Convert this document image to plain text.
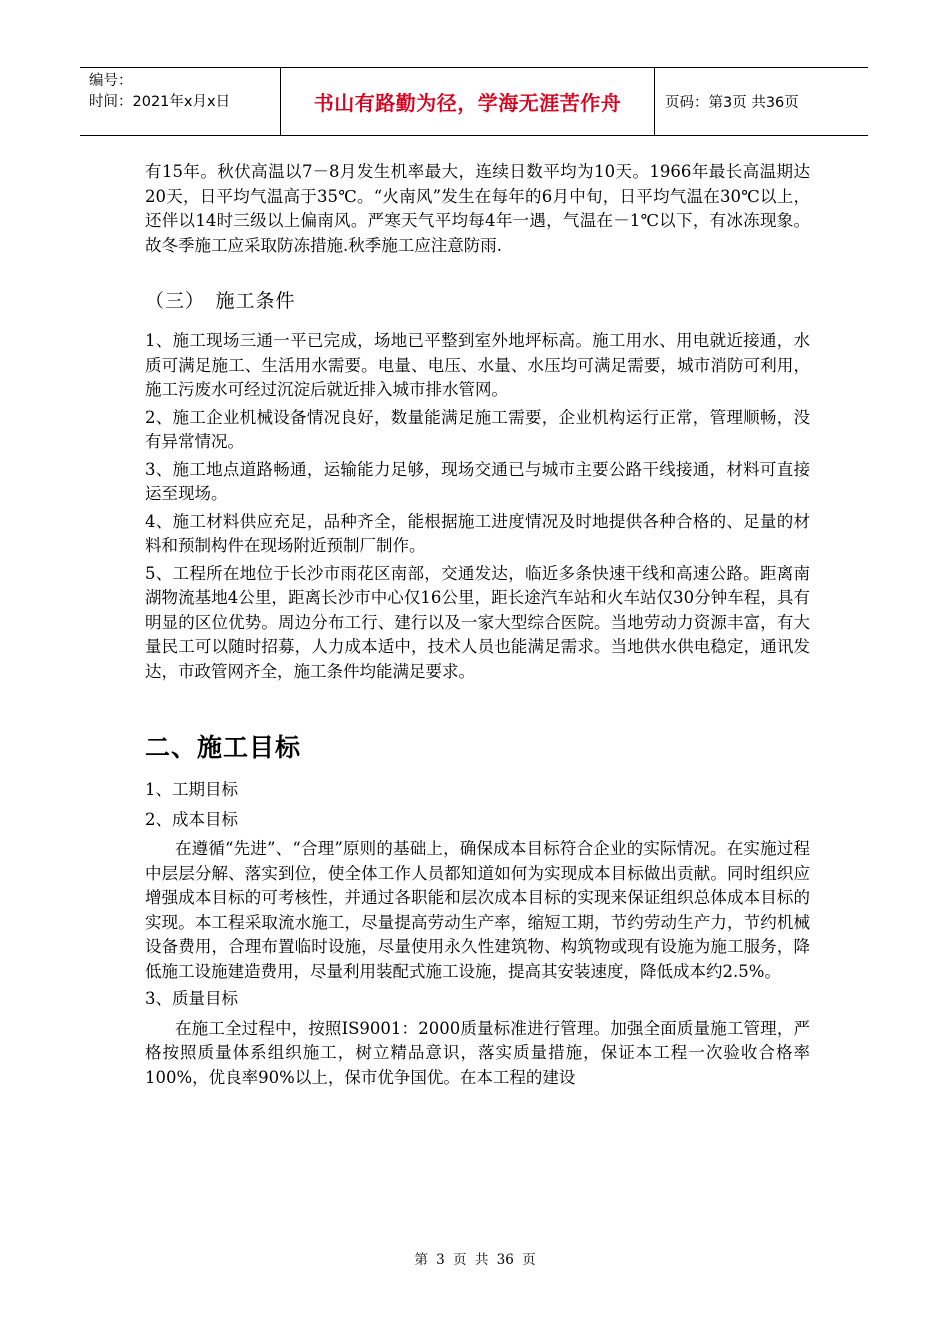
编号：
时间：2021年x月x日	书山有路勤为径，学海无涯苦作舟	页码：第3页 共36页

有15年。秋伏高温以7－8月发生机率最大，连续日数平均为10天。1966年最长高温期达20天，日平均气温高于35℃。“火南风”发生在每年的6月中旬，日平均气温在30℃以上，还伴以14时三级以上偏南风。严寒天气平均每4年一遇，气温在－1℃以下，有冰冻现象。故冬季施工应采取防冻措施.秋季施工应注意防雨.

（三）　施工条件

1、施工现场三通一平已完成，场地已平整到室外地坪标高。施工用水、用电就近接通，水质可满足施工、生活用水需要。电量、电压、水量、水压均可满足需要，城市消防可利用，施工污废水可经过沉淀后就近排入城市排水管网。

2、施工企业机械设备情况良好，数量能满足施工需要，企业机构运行正常，管理顺畅，没有异常情况。

3、施工地点道路畅通，运输能力足够，现场交通已与城市主要公路干线接通，材料可直接运至现场。

4、施工材料供应充足，品种齐全，能根据施工进度情况及时地提供各种合格的、足量的材料和预制构件在现场附近预制厂制作。

5、工程所在地位于长沙市雨花区南部，交通发达，临近多条快速干线和高速公路。距离南湖物流基地4公里，距离长沙市中心仅16公里，距长途汽车站和火车站仅30分钟车程，具有明显的区位优势。周边分布工行、建行以及一家大型综合医院。当地劳动力资源丰富，有大量民工可以随时招募，人力成本适中，技术人员也能满足需求。当地供水供电稳定，通讯发达，市政管网齐全，施工条件均能满足要求。

二、施工目标
1、工期目标
2、成本目标

在遵循“先进”、“合理”原则的基础上，确保成本目标符合企业的实际情况。在实施过程中层层分解、落实到位，使全体工作人员都知道如何为实现成本目标做出贡献。同时组织应增强成本目标的可考核性，并通过各职能和层次成本目标的实现来保证组织总体成本目标的实现。本工程采取流水施工，尽量提高劳动生产率，缩短工期，节约劳动生产力，节约机械设备费用，合理布置临时设施，尽量使用永久性建筑物、构筑物或现有设施为施工服务，降低施工设施建造费用，尽量利用装配式施工设施，提高其安装速度，降低成本约2.5%。

3、质量目标

在施工全过程中，按照IS9001：2000质量标准进行管理。加强全面质量施工管理，严格按照质量体系组织施工，树立精品意识，落实质量措施，保证本工程一次验收合格率100%，优良率90%以上，保市优争国优。在本工程的建设

第 3 页 共 36 页
